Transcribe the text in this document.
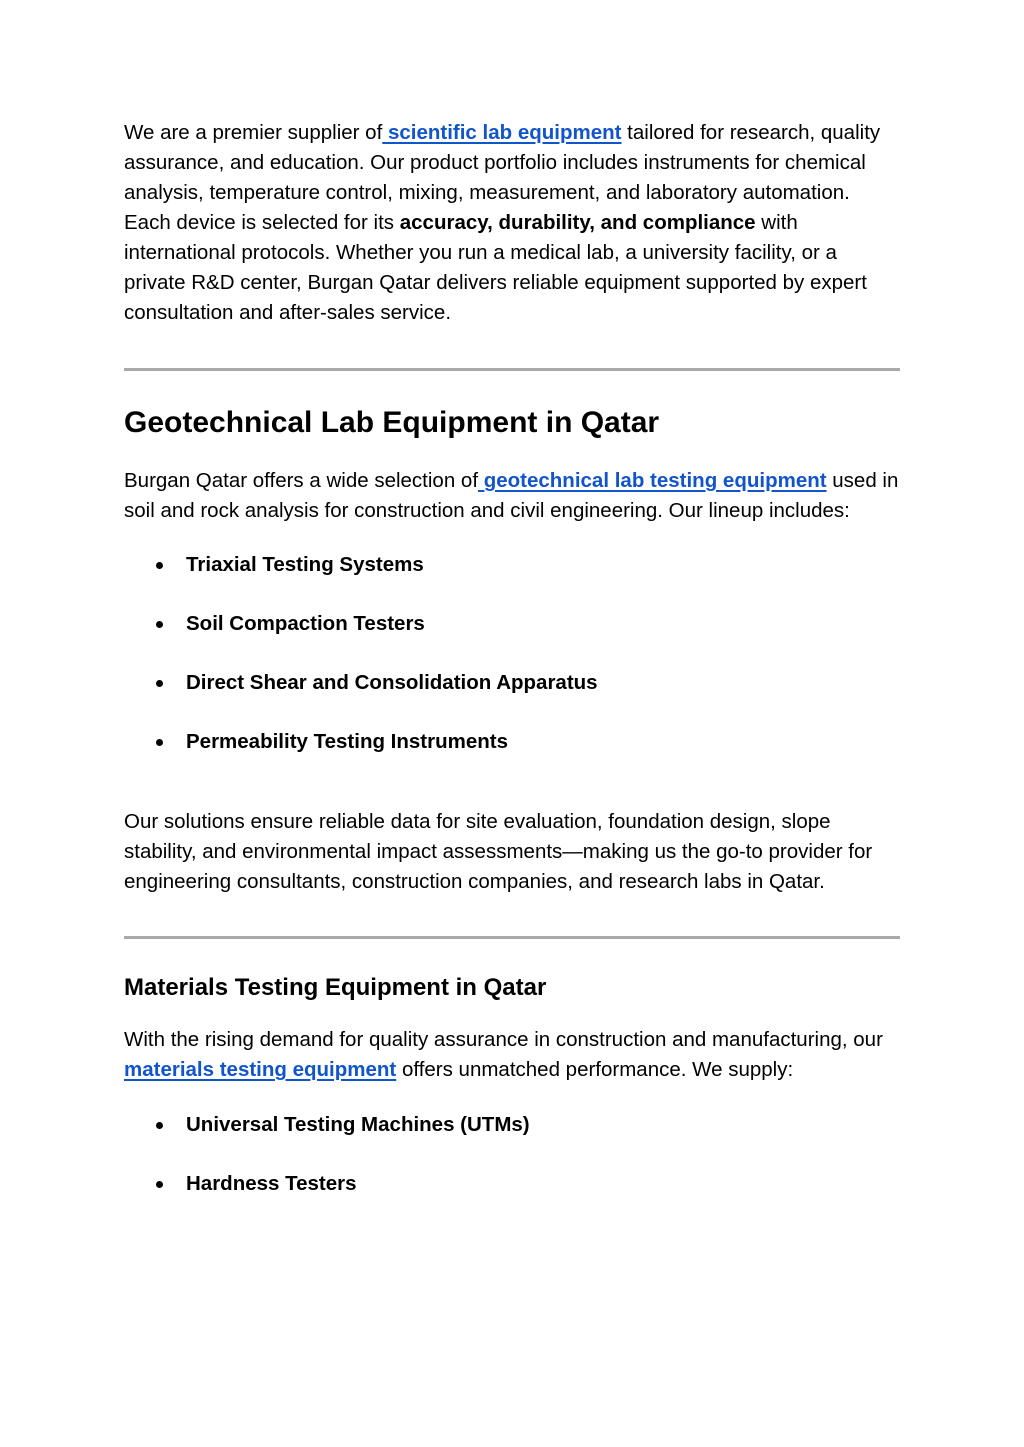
We are a premier supplier of scientific lab equipment tailored for research, quality assurance, and education. Our product portfolio includes instruments for chemical analysis, temperature control, mixing, measurement, and laboratory automation. Each device is selected for its accuracy, durability, and compliance with international protocols. Whether you run a medical lab, a university facility, or a private R&D center, Burgan Qatar delivers reliable equipment supported by expert consultation and after-sales service.

Geotechnical Lab Equipment in Qatar

Burgan Qatar offers a wide selection of geotechnical lab testing equipment used in soil and rock analysis for construction and civil engineering. Our lineup includes:

Triaxial Testing Systems
Soil Compaction Testers
Direct Shear and Consolidation Apparatus
Permeability Testing Instruments

Our solutions ensure reliable data for site evaluation, foundation design, slope stability, and environmental impact assessments—making us the go-to provider for engineering consultants, construction companies, and research labs in Qatar.

Materials Testing Equipment in Qatar

With the rising demand for quality assurance in construction and manufacturing, our materials testing equipment offers unmatched performance. We supply:

Universal Testing Machines (UTMs)
Hardness Testers
